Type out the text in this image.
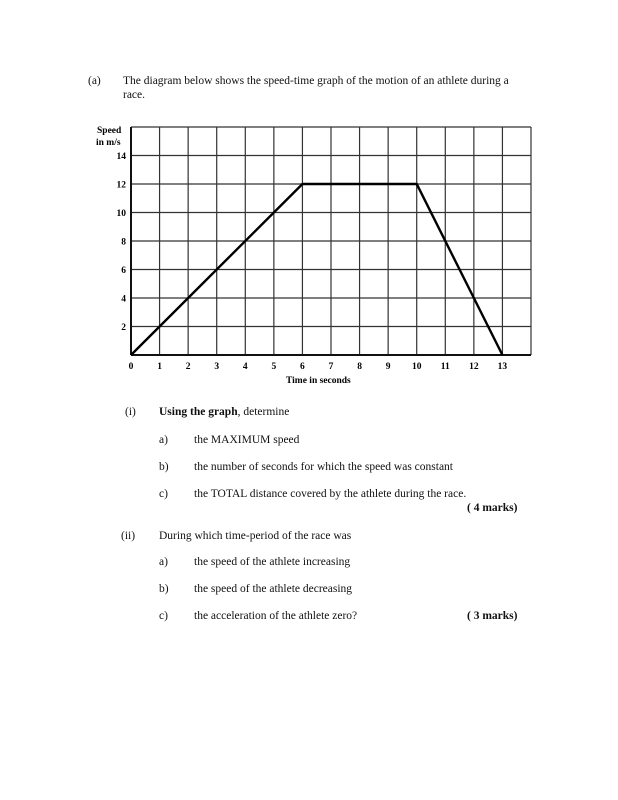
(a) The diagram below shows the speed-time graph of the motion of an athlete during a
race.
0	1	2	3	4	5	6	7	8	9 10 11 12 13
2
4
6
8
10
12
14
Speed
in m/s
Time in seconds
(i) Using the graph, determine
a) the MAXIMUM speed
b) the number of seconds for which the speed was constant
c) the TOTAL distance covered by the athlete during the race.
( 4 marks)
(ii) During which time-period of the race was
a) the speed of the athlete increasing
b) the speed of the athlete decreasing
c) the acceleration of the athlete zero?	( 3 marks)
